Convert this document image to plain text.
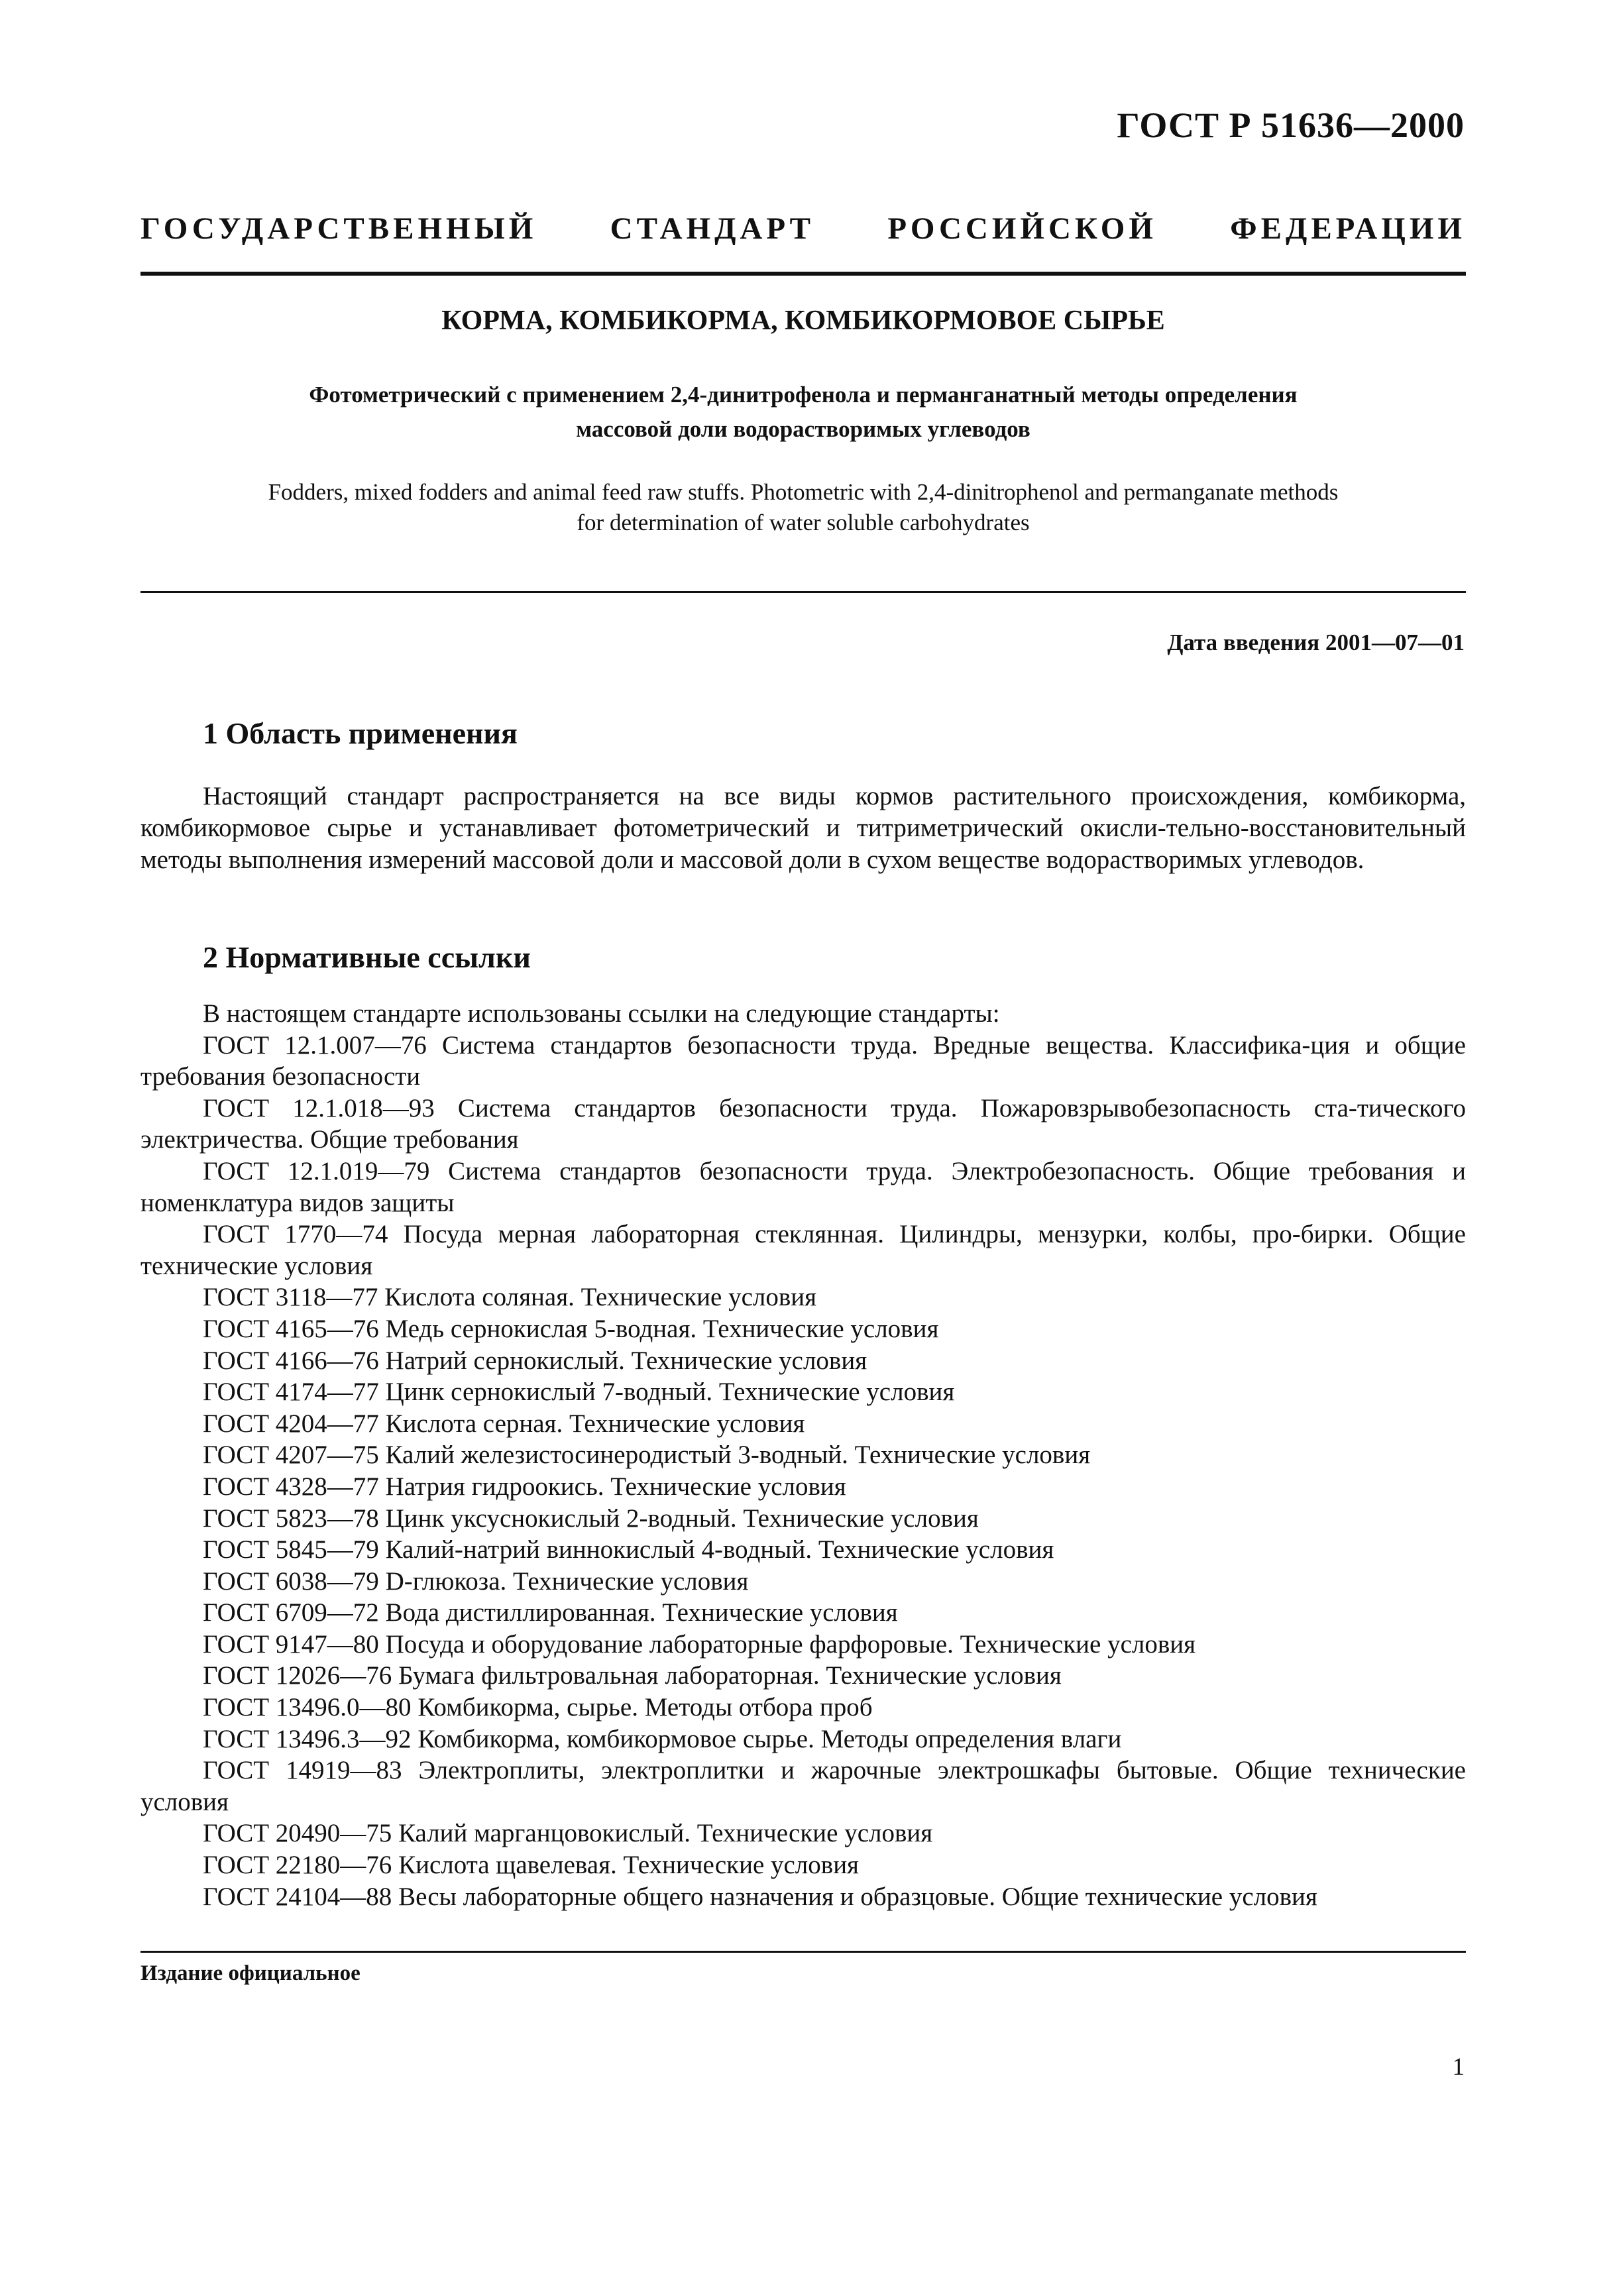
ГОСТ Р 51636—2000
ГОСУДАРСТВЕННЫЙ СТАНДАРТ РОССИЙСКОЙ ФЕДЕРАЦИИ
КОРМА, КОМБИКОРМА, КОМБИКОРМОВОЕ СЫРЬЕ
Фотометрический с применением 2,4-динитрофенола и перманганатный методы определения
массовой доли водорастворимых углеводов
Fodders, mixed fodders and animal feed raw stuffs. Photometric with 2,4-dinitrophenol and permanganate methods
for determination of water soluble carbohydrates
Дата введения 2001—07—01
1 Область применения
Настоящий стандарт распространяется на все виды кормов растительного происхождения, комбикорма, комбикормовое сырье и устанавливает фотометрический и титриметрический окисли-тельно-восстановительный методы выполнения измерений массовой доли и массовой доли в сухом веществе водорастворимых углеводов.
2 Нормативные ссылки
В настоящем стандарте использованы ссылки на следующие стандарты:
ГОСТ 12.1.007—76 Система стандартов безопасности труда. Вредные вещества. Классифика-ция и общие требования безопасности
ГОСТ 12.1.018—93 Система стандартов безопасности труда. Пожаровзрывобезопасность ста-тического электричества. Общие требования
ГОСТ 12.1.019—79 Система стандартов безопасности труда. Электробезопасность. Общие требования и номенклатура видов защиты
ГОСТ 1770—74 Посуда мерная лабораторная стеклянная. Цилиндры, мензурки, колбы, про-бирки. Общие технические условия
ГОСТ 3118—77 Кислота соляная. Технические условия
ГОСТ 4165—76 Медь сернокислая 5-водная. Технические условия
ГОСТ 4166—76 Натрий сернокислый. Технические условия
ГОСТ 4174—77 Цинк сернокислый 7-водный. Технические условия
ГОСТ 4204—77 Кислота серная. Технические условия
ГОСТ 4207—75 Калий железистосинеродистый 3-водный. Технические условия
ГОСТ 4328—77 Натрия гидроокись. Технические условия
ГОСТ 5823—78 Цинк уксуснокислый 2-водный. Технические условия
ГОСТ 5845—79 Калий-натрий виннокислый 4-водный. Технические условия
ГОСТ 6038—79 D-глюкоза. Технические условия
ГОСТ 6709—72 Вода дистиллированная. Технические условия
ГОСТ 9147—80 Посуда и оборудование лабораторные фарфоровые. Технические условия
ГОСТ 12026—76 Бумага фильтровальная лабораторная. Технические условия
ГОСТ 13496.0—80 Комбикорма, сырье. Методы отбора проб
ГОСТ 13496.3—92 Комбикорма, комбикормовое сырье. Методы определения влаги
ГОСТ 14919—83 Электроплиты, электроплитки и жарочные электрошкафы бытовые. Общие технические условия
ГОСТ 20490—75 Калий марганцовокислый. Технические условия
ГОСТ 22180—76 Кислота щавелевая. Технические условия
ГОСТ 24104—88 Весы лабораторные общего назначения и образцовые. Общие технические условия
Издание официальное
1
